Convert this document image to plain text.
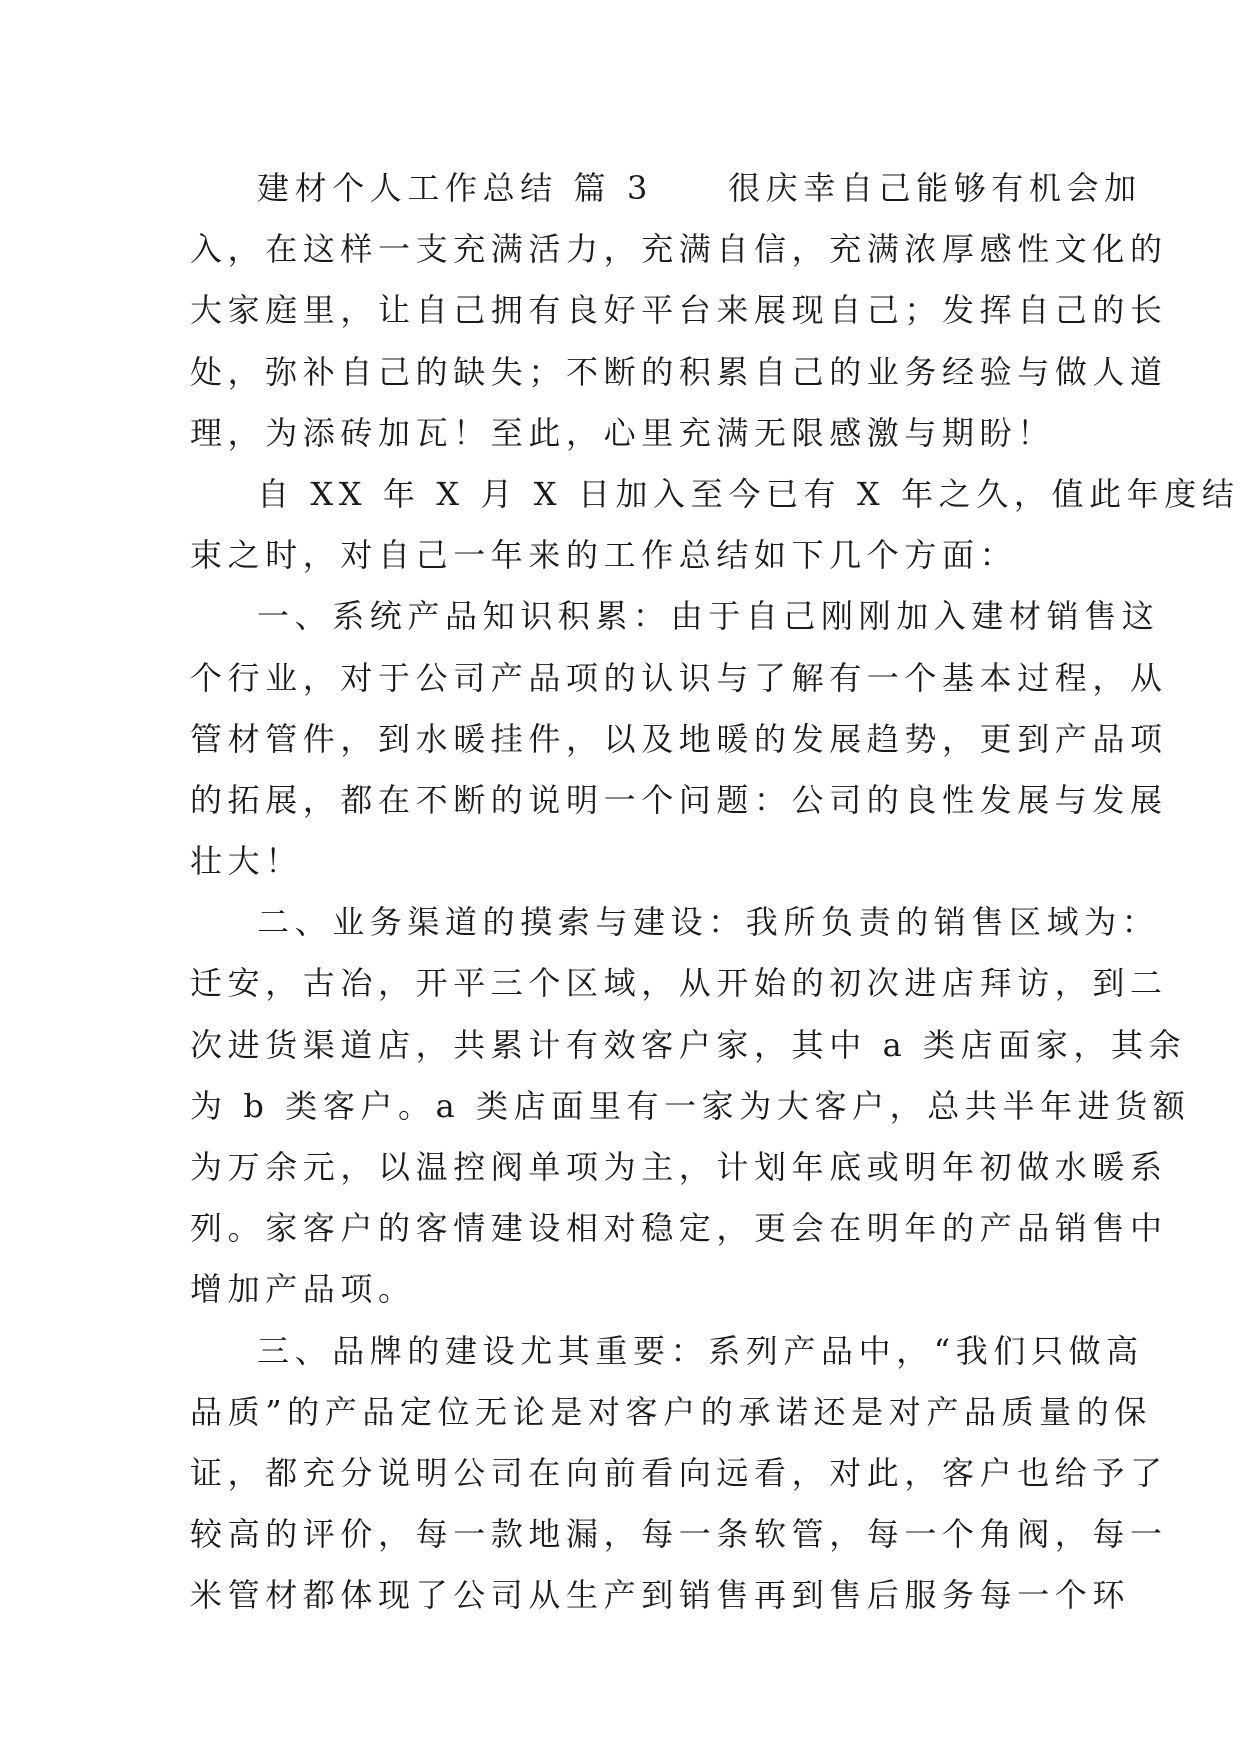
建材个人工作总结 篇 3　　很庆幸自己能够有机会加
入，在这样一支充满活力，充满自信，充满浓厚感性文化的
大家庭里，让自己拥有良好平台来展现自己；发挥自己的长
处，弥补自己的缺失；不断的积累自己的业务经验与做人道
理，为添砖加瓦！至此，心里充满无限感激与期盼！
自 XX 年 X 月 X 日加入至今已有 X 年之久，值此年度结
束之时，对自己一年来的工作总结如下几个方面：
一、系统产品知识积累：由于自己刚刚加入建材销售这
个行业，对于公司产品项的认识与了解有一个基本过程，从
管材管件，到水暖挂件，以及地暖的发展趋势，更到产品项
的拓展，都在不断的说明一个问题：公司的良性发展与发展
壮大！
二、业务渠道的摸索与建设：我所负责的销售区域为：
迁安，古冶，开平三个区域，从开始的初次进店拜访，到二
次进货渠道店，共累计有效客户家，其中 a 类店面家，其余
为 b 类客户。a 类店面里有一家为大客户，总共半年进货额
为万余元，以温控阀单项为主，计划年底或明年初做水暖系
列。家客户的客情建设相对稳定，更会在明年的产品销售中
增加产品项。
三、品牌的建设尤其重要：系列产品中，“我们只做高
品质”的产品定位无论是对客户的承诺还是对产品质量的保
证，都充分说明公司在向前看向远看，对此，客户也给予了
较高的评价，每一款地漏，每一条软管，每一个角阀，每一
米管材都体现了公司从生产到销售再到售后服务每一个环
